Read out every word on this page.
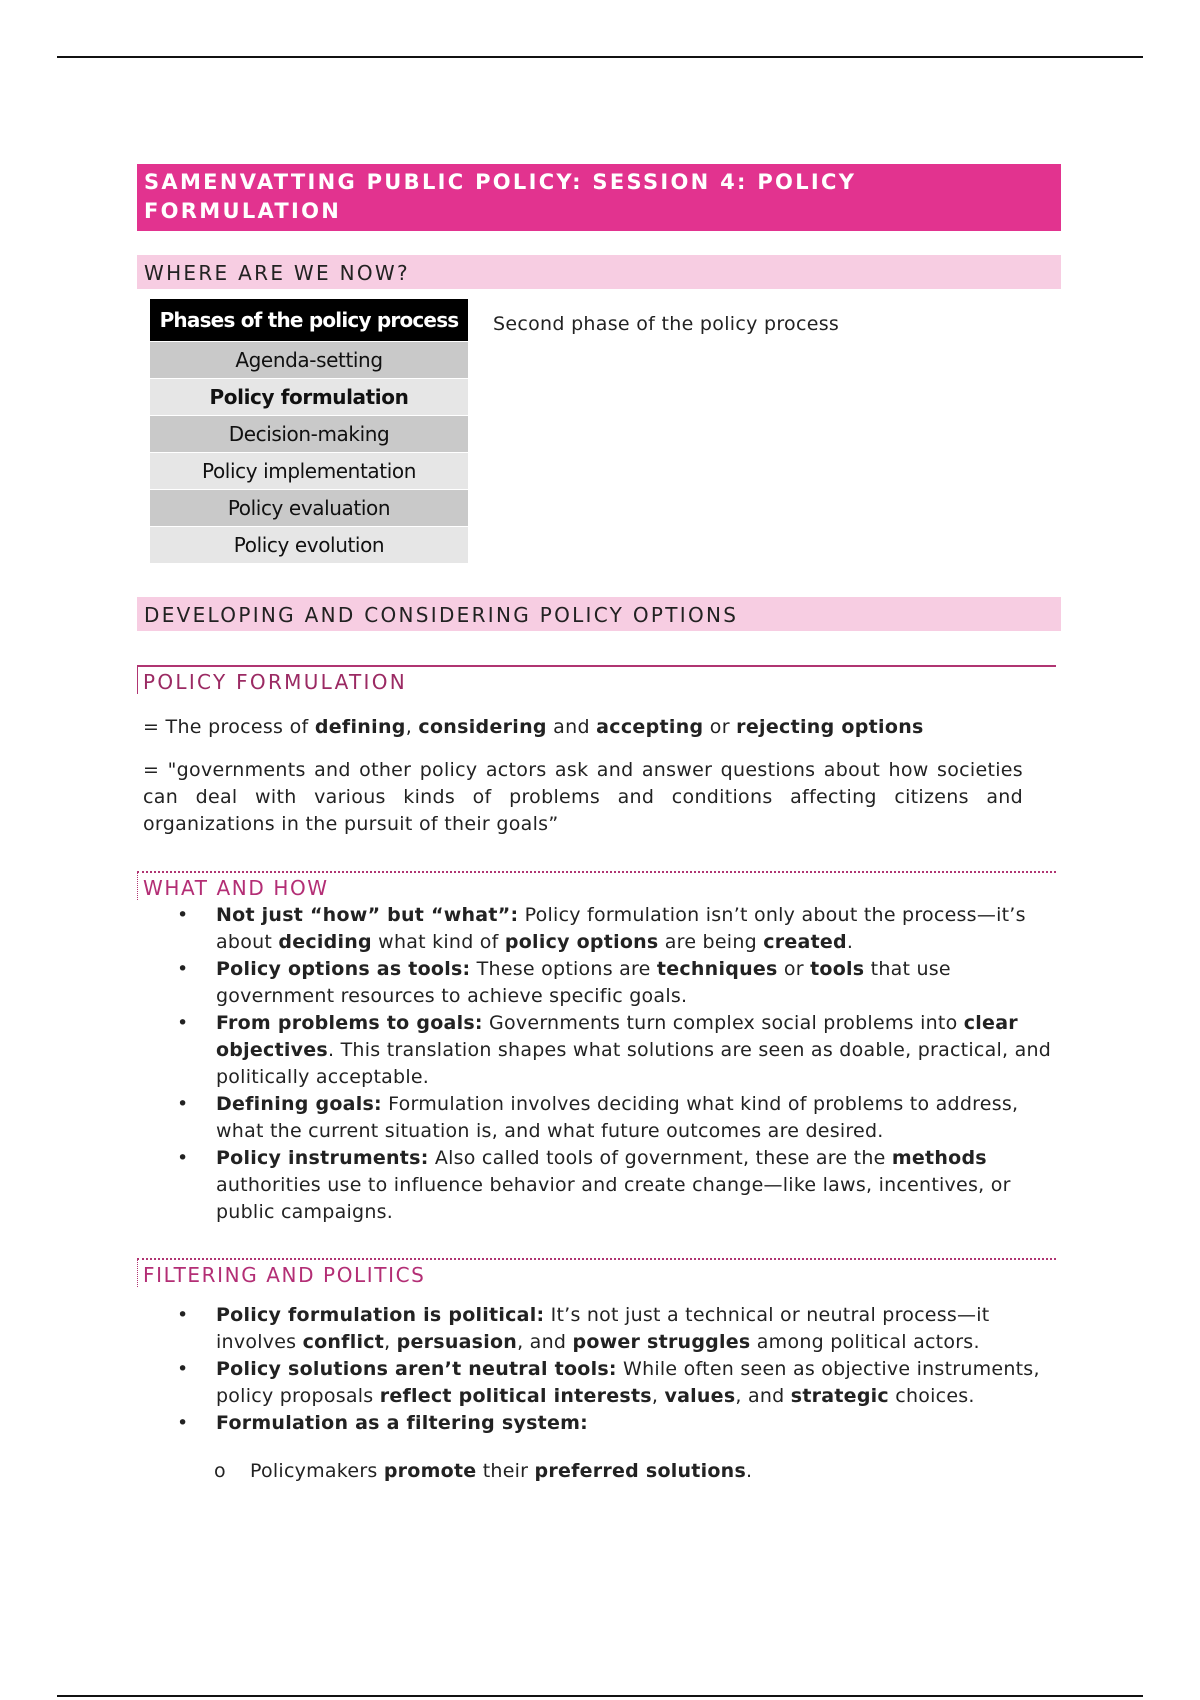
SAMENVATTING PUBLIC POLICY: SESSION 4: POLICY FORMULATION
WHERE ARE WE NOW?
Phases of the policy process
Agenda-setting
Policy formulation
Decision-making
Policy implementation
Policy evaluation
Policy evolution
Second phase of the policy process
DEVELOPING AND CONSIDERING POLICY OPTIONS
POLICY FORMULATION

= The process of defining, considering and accepting or rejecting options

= "governments and other policy actors ask and answer questions about how societies can deal with various kinds of problems and conditions affecting citizens and organizations in the pursuit of their goals”

WHAT AND HOW
• Not just “how” but “what”: Policy formulation isn’t only about the process—it’s about deciding what kind of policy options are being created.
• Policy options as tools: These options are techniques or tools that use government resources to achieve specific goals.
• From problems to goals: Governments turn complex social problems into clear objectives. This translation shapes what solutions are seen as doable, practical, and politically acceptable.
• Defining goals: Formulation involves deciding what kind of problems to address, what the current situation is, and what future outcomes are desired.
• Policy instruments: Also called tools of government, these are the methods authorities use to influence behavior and create change—like laws, incentives, or public campaigns.
FILTERING AND POLITICS
• Policy formulation is political: It’s not just a technical or neutral process—it involves conflict, persuasion, and power struggles among political actors.
• Policy solutions aren’t neutral tools: While often seen as objective instruments, policy proposals reflect political interests, values, and strategic choices.
• Formulation as a filtering system:
o Policymakers promote their preferred solutions.
